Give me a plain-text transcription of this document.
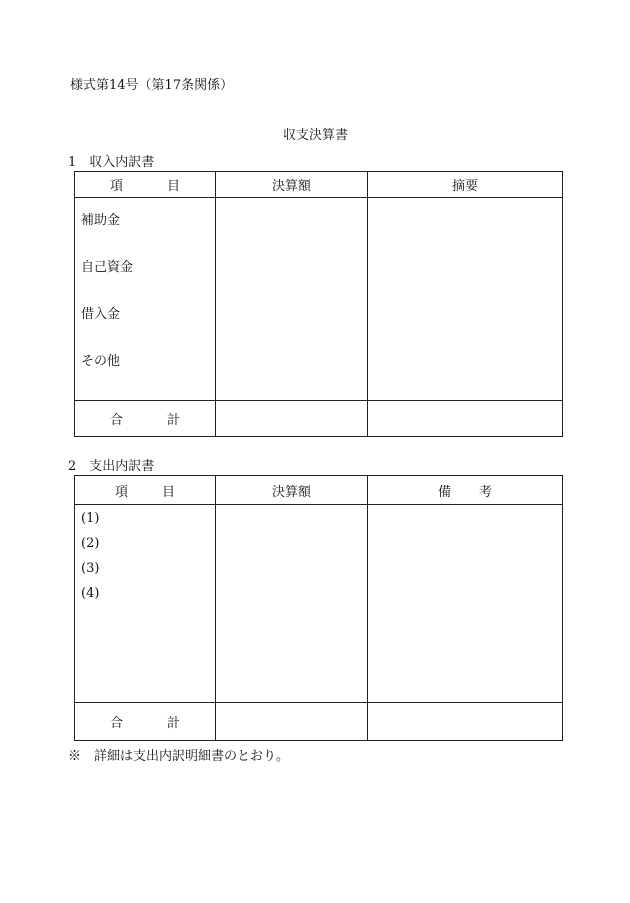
様式第14号（第17条関係）
収支決算書
1　収入内訳書
項 目	決算額	摘要

補助金
自己資金
借入金
その他		

合 計		
2　支出内訳書
項 目	決算額	備 考

(1)
(2)
(3)
(4)		

合 計		
※　詳細は支出内訳明細書のとおり。
